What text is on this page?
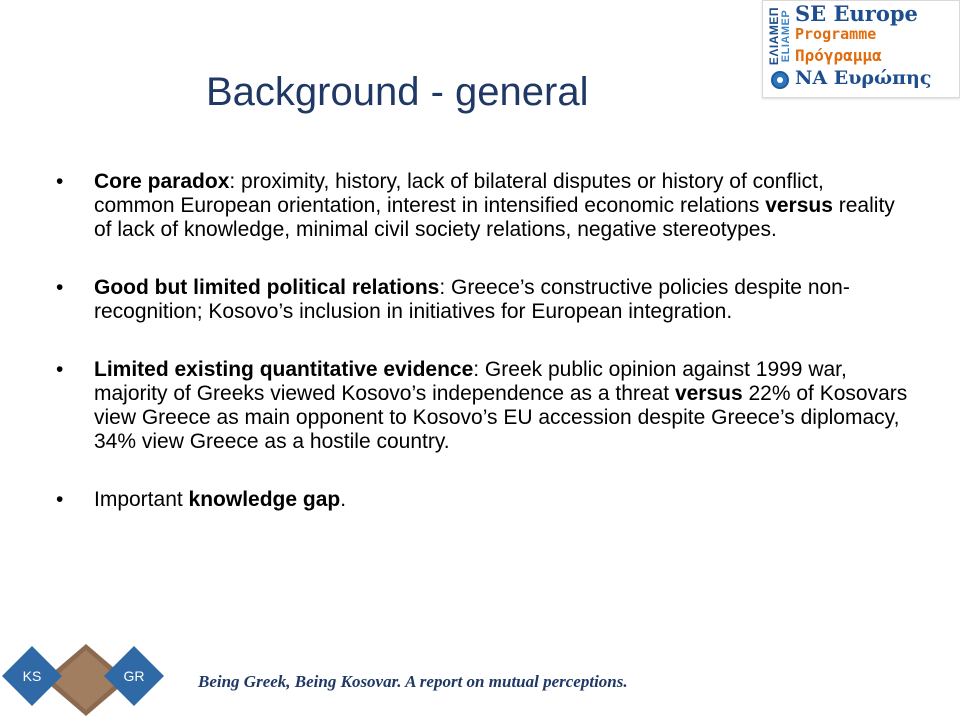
ΕΛΙΑΜΕΠ ELIAMEP SE Europe
Programme
Πρόγραμμα
ΝΑ Ευρώπης
Background - general
• Core paradox: proximity, history, lack of bilateral disputes or history of conflict, common European orientation, interest in intensified economic relations versus reality of lack of knowledge, minimal civil society relations, negative stereotypes.
• Good but limited political relations: Greece’s constructive policies despite non-recognition; Kosovo’s inclusion in initiatives for European integration.
• Limited existing quantitative evidence: Greek public opinion against 1999 war, majority of Greeks viewed Kosovo’s independence as a threat versus 22% of Kosovars view Greece as main opponent to Kosovo’s EU accession despite Greece’s diplomacy, 34% view Greece as a hostile country.
• Important knowledge gap.
KS	GR	Being Greek, Being Kosovar. A report on mutual perceptions.
